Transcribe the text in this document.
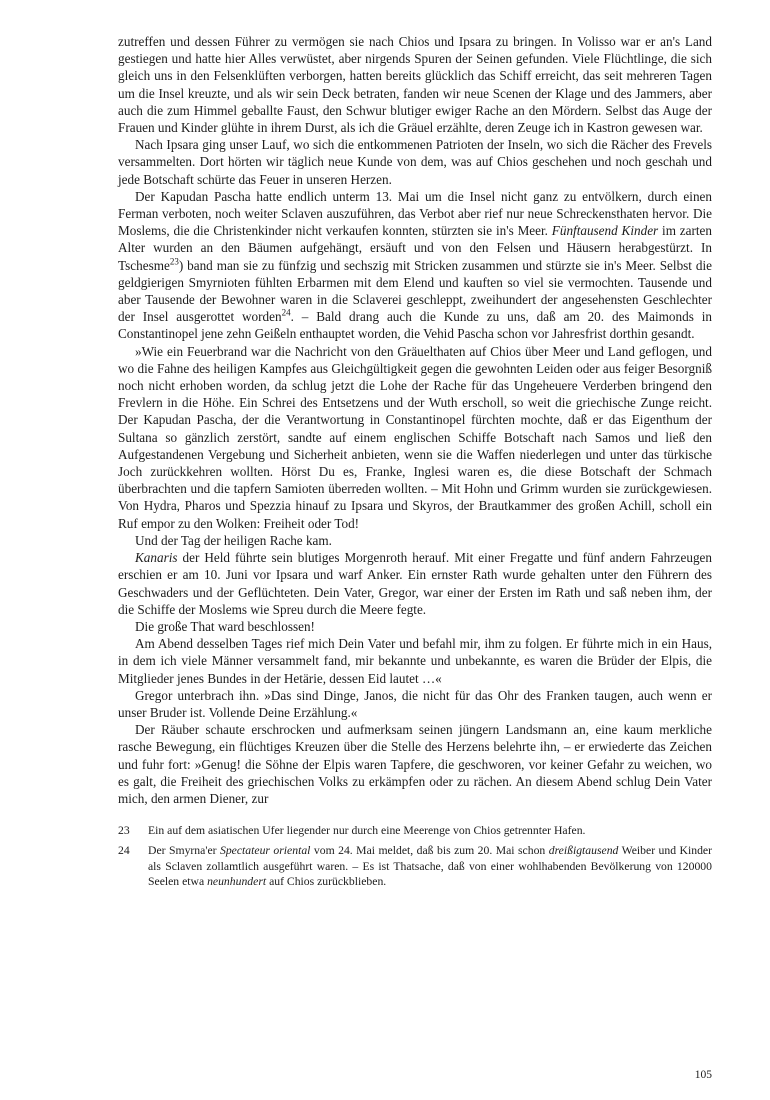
zutreffen und dessen Führer zu vermögen sie nach Chios und Ipsara zu bringen. In Volisso war er an's Land gestiegen und hatte hier Alles verwüstet, aber nirgends Spuren der Seinen gefunden. Viele Flüchtlinge, die sich gleich uns in den Felsenklüften verborgen, hatten bereits glücklich das Schiff erreicht, das seit mehreren Tagen um die Insel kreuzte, und als wir sein Deck betraten, fanden wir neue Scenen der Klage und des Jammers, aber auch die zum Himmel geballte Faust, den Schwur blutiger ewiger Rache an den Mördern. Selbst das Auge der Frauen und Kinder glühte in ihrem Durst, als ich die Gräuel erzählte, deren Zeuge ich in Kastron gewesen war.

Nach Ipsara ging unser Lauf, wo sich die entkommenen Patrioten der Inseln, wo sich die Rächer des Frevels versammelten. Dort hörten wir täglich neue Kunde von dem, was auf Chios geschehen und noch geschah und jede Botschaft schürte das Feuer in unseren Herzen.

Der Kapudan Pascha hatte endlich unterm 13. Mai um die Insel nicht ganz zu entvölkern, durch einen Ferman verboten, noch weiter Sclaven auszuführen, das Verbot aber rief nur neue Schreckensthaten hervor. Die Moslems, die die Christenkinder nicht verkaufen konnten, stürzten sie in's Meer. Fünftausend Kinder im zarten Alter wurden an den Bäumen aufgehängt, ersäuft und von den Felsen und Häusern herabgestürzt. In Tschesme$^{23}$) band man sie zu fünfzig und sechszig mit Stricken zusammen und stürzte sie in's Meer. Selbst die geldgierigen Smyrnioten fühlten Erbarmen mit dem Elend und kauften so viel sie vermochten. Tausende und aber Tausende der Bewohner waren in die Sclaverei geschleppt, zweihundert der angesehensten Geschlechter der Insel ausgerottet worden$^{24}$. – Bald drang auch die Kunde zu uns, daß am 20. des Maimonds in Constantinopel jene zehn Geißeln enthauptet worden, die Vehid Pascha schon vor Jahresfrist dorthin gesandt.

»Wie ein Feuerbrand war die Nachricht von den Gräuelthaten auf Chios über Meer und Land geflogen, und wo die Fahne des heiligen Kampfes aus Gleichgültigkeit gegen die gewohnten Leiden oder aus feiger Besorgniß noch nicht erhoben worden, da schlug jetzt die Lohe der Rache für das Ungeheuere Verderben bringend den Frevlern in die Höhe. Ein Schrei des Entsetzens und der Wuth erscholl, so weit die griechische Zunge reicht. Der Kapudan Pascha, der die Verantwortung in Constantinopel fürchten mochte, daß er das Eigenthum der Sultana so gänzlich zerstört, sandte auf einem englischen Schiffe Botschaft nach Samos und ließ den Aufgestandenen Vergebung und Sicherheit anbieten, wenn sie die Waffen niederlegen und unter das türkische Joch zurückkehren wollten. Hörst Du es, Franke, Inglesi waren es, die diese Botschaft der Schmach überbrachten und die tapfern Samioten überreden wollten. – Mit Hohn und Grimm wurden sie zurückgewiesen. Von Hydra, Pharos und Spezzia hinauf zu Ipsara und Skyros, der Brautkammer des großen Achill, scholl ein Ruf empor zu den Wolken: Freiheit oder Tod!

Und der Tag der heiligen Rache kam.

Kanaris der Held führte sein blutiges Morgenroth herauf. Mit einer Fregatte und fünf andern Fahrzeugen erschien er am 10. Juni vor Ipsara und warf Anker. Ein ernster Rath wurde gehalten unter den Führern des Geschwaders und der Geflüchteten. Dein Vater, Gregor, war einer der Ersten im Rath und saß neben ihm, der die Schiffe der Moslems wie Spreu durch die Meere fegte.

Die große That ward beschlossen!

Am Abend desselben Tages rief mich Dein Vater und befahl mir, ihm zu folgen. Er führte mich in ein Haus, in dem ich viele Männer versammelt fand, mir bekannte und unbekannte, es waren die Brüder der Elpis, die Mitglieder jenes Bundes in der Hetärie, dessen Eid lautet …«

Gregor unterbrach ihn. »Das sind Dinge, Janos, die nicht für das Ohr des Franken taugen, auch wenn er unser Bruder ist. Vollende Deine Erzählung.«

Der Räuber schaute erschrocken und aufmerksam seinen jüngern Landsmann an, eine kaum merkliche rasche Bewegung, ein flüchtiges Kreuzen über die Stelle des Herzens belehrte ihn, – er erwiederte das Zeichen und fuhr fort: »Genug! die Söhne der Elpis waren Tapfere, die geschworen, vor keiner Gefahr zu weichen, wo es galt, die Freiheit des griechischen Volks zu erkämpfen oder zu rächen. An diesem Abend schlug Dein Vater mich, den armen Diener, zur

23	Ein auf dem asiatischen Ufer liegender nur durch eine Meerenge von Chios getrennter Hafen.
24	Der Smyrna'er Spectateur oriental vom 24. Mai meldet, daß bis zum 20. Mai schon dreißigtausend Weiber und Kinder als Sclaven zollamtlich ausgeführt waren. – Es ist Thatsache, daß von einer wohlhabenden Bevölkerung von 120000 Seelen etwa neunhundert auf Chios zurückblieben.
105
